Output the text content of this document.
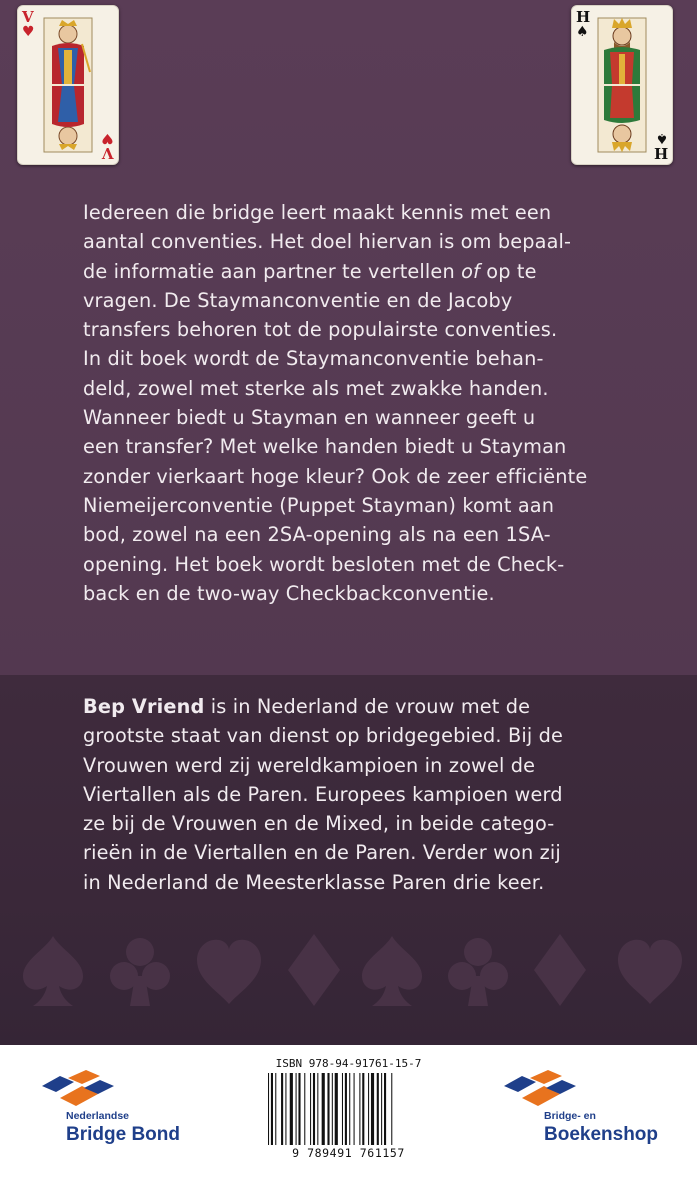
V
♥
V
♥
H
♠
H
♠
Iedereen die bridge leert maakt kennis met een
aantal conventies. Het doel hiervan is om bepaal-
de informatie aan partner te vertellen of op te
vragen. De Staymanconventie en de Jacoby
transfers behoren tot de populairste conventies.
In dit boek wordt de Staymanconventie behan-
deld, zowel met sterke als met zwakke handen.
Wanneer biedt u Stayman en wanneer geeft u
een transfer? Met welke handen biedt u Stayman
zonder vierkaart hoge kleur? Ook de zeer efficiënte
Niemeijerconventie (Puppet Stayman) komt aan
bod, zowel na een 2SA-opening als na een 1SA-
opening. Het boek wordt besloten met de Check-
back en de two-way Checkbackconventie.
Bep Vriend is in Nederland de vrouw met de
grootste staat van dienst op bridgegebied. Bij de
Vrouwen werd zij wereldkampioen in zowel de
Viertallen als de Paren. Europees kampioen werd
ze bij de Vrouwen en de Mixed, in beide catego-
rieën in de Viertallen en de Paren. Verder won zij
in Nederland de Meesterklasse Paren drie keer.
Nederlandse
Bridge Bond
ISBN 978-94-91761-15-7
9 789491 761157
Bridge- en
Boekenshop
